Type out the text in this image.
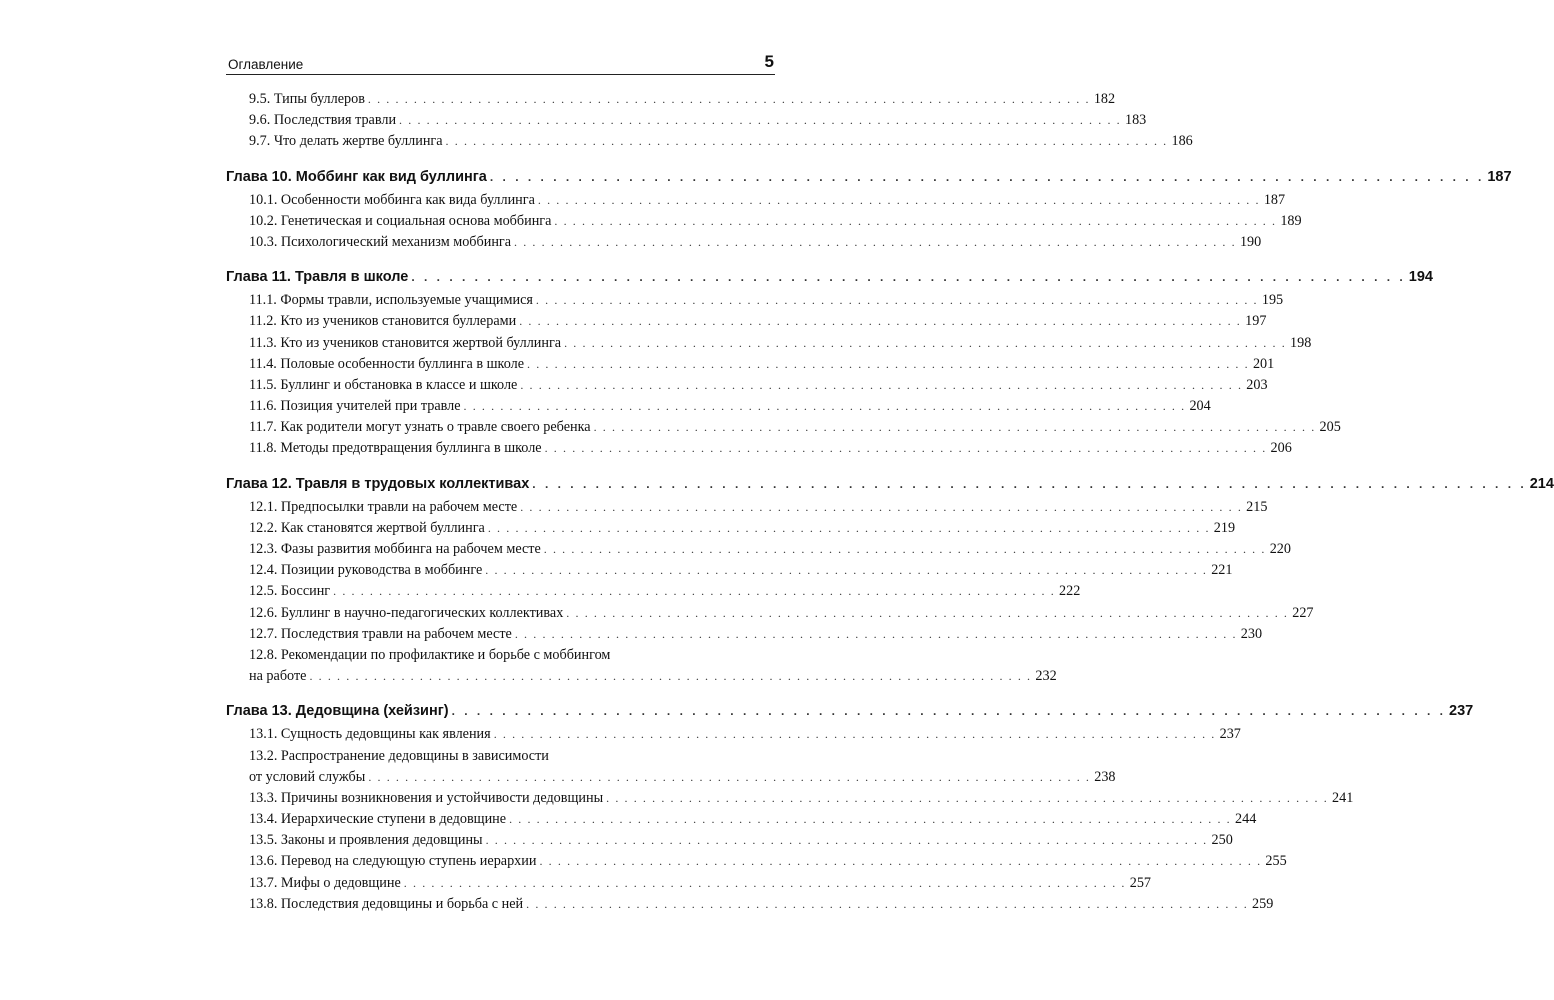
Оглавление	5
9.5. Типы буллеров . . . . . . . . . . . . . . . . . . . . . . . . . . . . . . . . . . . . . . . . . . . . . . . . . . . . . . . . . . . . . . . . . . . . . . . . . . . . . . . 182
9.6. Последствия травли . . . . . . . . . . . . . . . . . . . . . . . . . . . . . . . . . . . . . . . . . . . . . . . . . . . . . . . . . . . . . . . . . . . . . . . . . . . . . . . 183
9.7. Что делать жертве буллинга . . . . . . . . . . . . . . . . . . . . . . . . . . . . . . . . . . . . . . . . . . . . . . . . . . . . . . . . . . . . . . . . . . . . . . . . . . . . . . . 186
Глава 10. Моббинг как вид буллинга . . . . . . . . . . . . . . . . . . . . . . . . . . . . . . . . . . . . . . . . . . . . . . . . . . . . . . . . . . . . . . . . . . . . . . . . . . . . . . . 187
10.1. Особенности моббинга как вида буллинга . . . . . . . . . . . . . . . . . . . . . . . . . . . . . . . . . . . . . . . . . . . . . . . . . . . . . . . . . . . . . . . . . . . . . . . . . . . . . . . 187
10.2. Генетическая и социальная основа моббинга . . . . . . . . . . . . . . . . . . . . . . . . . . . . . . . . . . . . . . . . . . . . . . . . . . . . . . . . . . . . . . . . . . . . . . . . . . . . . . . 189
10.3. Психологический механизм моббинга . . . . . . . . . . . . . . . . . . . . . . . . . . . . . . . . . . . . . . . . . . . . . . . . . . . . . . . . . . . . . . . . . . . . . . . . . . . . . . . 190
Глава 11. Травля в школе . . . . . . . . . . . . . . . . . . . . . . . . . . . . . . . . . . . . . . . . . . . . . . . . . . . . . . . . . . . . . . . . . . . . . . . . . . . . . . . 194
11.1. Формы травли, используемые учащимися . . . . . . . . . . . . . . . . . . . . . . . . . . . . . . . . . . . . . . . . . . . . . . . . . . . . . . . . . . . . . . . . . . . . . . . . . . . . . . . 195
11.2. Кто из учеников становится буллерами . . . . . . . . . . . . . . . . . . . . . . . . . . . . . . . . . . . . . . . . . . . . . . . . . . . . . . . . . . . . . . . . . . . . . . . . . . . . . . . 197
11.3. Кто из учеников становится жертвой буллинга . . . . . . . . . . . . . . . . . . . . . . . . . . . . . . . . . . . . . . . . . . . . . . . . . . . . . . . . . . . . . . . . . . . . . . . . . . . . . . . 198
11.4. Половые особенности буллинга в школе . . . . . . . . . . . . . . . . . . . . . . . . . . . . . . . . . . . . . . . . . . . . . . . . . . . . . . . . . . . . . . . . . . . . . . . . . . . . . . . 201
11.5. Буллинг и обстановка в классе и школе . . . . . . . . . . . . . . . . . . . . . . . . . . . . . . . . . . . . . . . . . . . . . . . . . . . . . . . . . . . . . . . . . . . . . . . . . . . . . . . 203
11.6. Позиция учителей при травле . . . . . . . . . . . . . . . . . . . . . . . . . . . . . . . . . . . . . . . . . . . . . . . . . . . . . . . . . . . . . . . . . . . . . . . . . . . . . . . 204
11.7. Как родители могут узнать о травле своего ребенка . . . . . . . . . . . . . . . . . . . . . . . . . . . . . . . . . . . . . . . . . . . . . . . . . . . . . . . . . . . . . . . . . . . . . . . . . . . . . . . 205
11.8. Методы предотвращения буллинга в школе . . . . . . . . . . . . . . . . . . . . . . . . . . . . . . . . . . . . . . . . . . . . . . . . . . . . . . . . . . . . . . . . . . . . . . . . . . . . . . . 206
Глава 12. Травля в трудовых коллективах . . . . . . . . . . . . . . . . . . . . . . . . . . . . . . . . . . . . . . . . . . . . . . . . . . . . . . . . . . . . . . . . . . . . . . . . . . . . . . . 214
12.1. Предпосылки травли на рабочем месте . . . . . . . . . . . . . . . . . . . . . . . . . . . . . . . . . . . . . . . . . . . . . . . . . . . . . . . . . . . . . . . . . . . . . . . . . . . . . . . 215
12.2. Как становятся жертвой буллинга . . . . . . . . . . . . . . . . . . . . . . . . . . . . . . . . . . . . . . . . . . . . . . . . . . . . . . . . . . . . . . . . . . . . . . . . . . . . . . . 219
12.3. Фазы развития моббинга на рабочем месте . . . . . . . . . . . . . . . . . . . . . . . . . . . . . . . . . . . . . . . . . . . . . . . . . . . . . . . . . . . . . . . . . . . . . . . . . . . . . . . 220
12.4. Позиции руководства в моббинге . . . . . . . . . . . . . . . . . . . . . . . . . . . . . . . . . . . . . . . . . . . . . . . . . . . . . . . . . . . . . . . . . . . . . . . . . . . . . . . 221
12.5. Боссинг . . . . . . . . . . . . . . . . . . . . . . . . . . . . . . . . . . . . . . . . . . . . . . . . . . . . . . . . . . . . . . . . . . . . . . . . . . . . . . . 222
12.6. Буллинг в научно-педагогических коллективах . . . . . . . . . . . . . . . . . . . . . . . . . . . . . . . . . . . . . . . . . . . . . . . . . . . . . . . . . . . . . . . . . . . . . . . . . . . . . . . 227
12.7. Последствия травли на рабочем месте . . . . . . . . . . . . . . . . . . . . . . . . . . . . . . . . . . . . . . . . . . . . . . . . . . . . . . . . . . . . . . . . . . . . . . . . . . . . . . . 230
12.8. Рекомендации по профилактике и борьбе с моббингом
на работе . . . . . . . . . . . . . . . . . . . . . . . . . . . . . . . . . . . . . . . . . . . . . . . . . . . . . . . . . . . . . . . . . . . . . . . . . . . . . . . 232
Глава 13. Дедовщина (хейзинг) . . . . . . . . . . . . . . . . . . . . . . . . . . . . . . . . . . . . . . . . . . . . . . . . . . . . . . . . . . . . . . . . . . . . . . . . . . . . . . . 237
13.1. Сущность дедовщины как явления . . . . . . . . . . . . . . . . . . . . . . . . . . . . . . . . . . . . . . . . . . . . . . . . . . . . . . . . . . . . . . . . . . . . . . . . . . . . . . . 237
13.2. Распространение дедовщины в зависимости
от условий службы . . . . . . . . . . . . . . . . . . . . . . . . . . . . . . . . . . . . . . . . . . . . . . . . . . . . . . . . . . . . . . . . . . . . . . . . . . . . . . . 238
13.3. Причины возникновения и устойчивости дедовщины . . . . . . . . . . . . . . . . . . . . . . . . . . . . . . . . . . . . . . . . . . . . . . . . . . . . . . . . . . . . . . . . . . . . . . . . . . . . . . . 241
13.4. Иерархические ступени в дедовщине . . . . . . . . . . . . . . . . . . . . . . . . . . . . . . . . . . . . . . . . . . . . . . . . . . . . . . . . . . . . . . . . . . . . . . . . . . . . . . . 244
13.5. Законы и проявления дедовщины . . . . . . . . . . . . . . . . . . . . . . . . . . . . . . . . . . . . . . . . . . . . . . . . . . . . . . . . . . . . . . . . . . . . . . . . . . . . . . . 250
13.6. Перевод на следующую ступень иерархии . . . . . . . . . . . . . . . . . . . . . . . . . . . . . . . . . . . . . . . . . . . . . . . . . . . . . . . . . . . . . . . . . . . . . . . . . . . . . . . 255
13.7. Мифы о дедовщине . . . . . . . . . . . . . . . . . . . . . . . . . . . . . . . . . . . . . . . . . . . . . . . . . . . . . . . . . . . . . . . . . . . . . . . . . . . . . . . 257
13.8. Последствия дедовщины и борьба с ней . . . . . . . . . . . . . . . . . . . . . . . . . . . . . . . . . . . . . . . . . . . . . . . . . . . . . . . . . . . . . . . . . . . . . . . . . . . . . . . 259
